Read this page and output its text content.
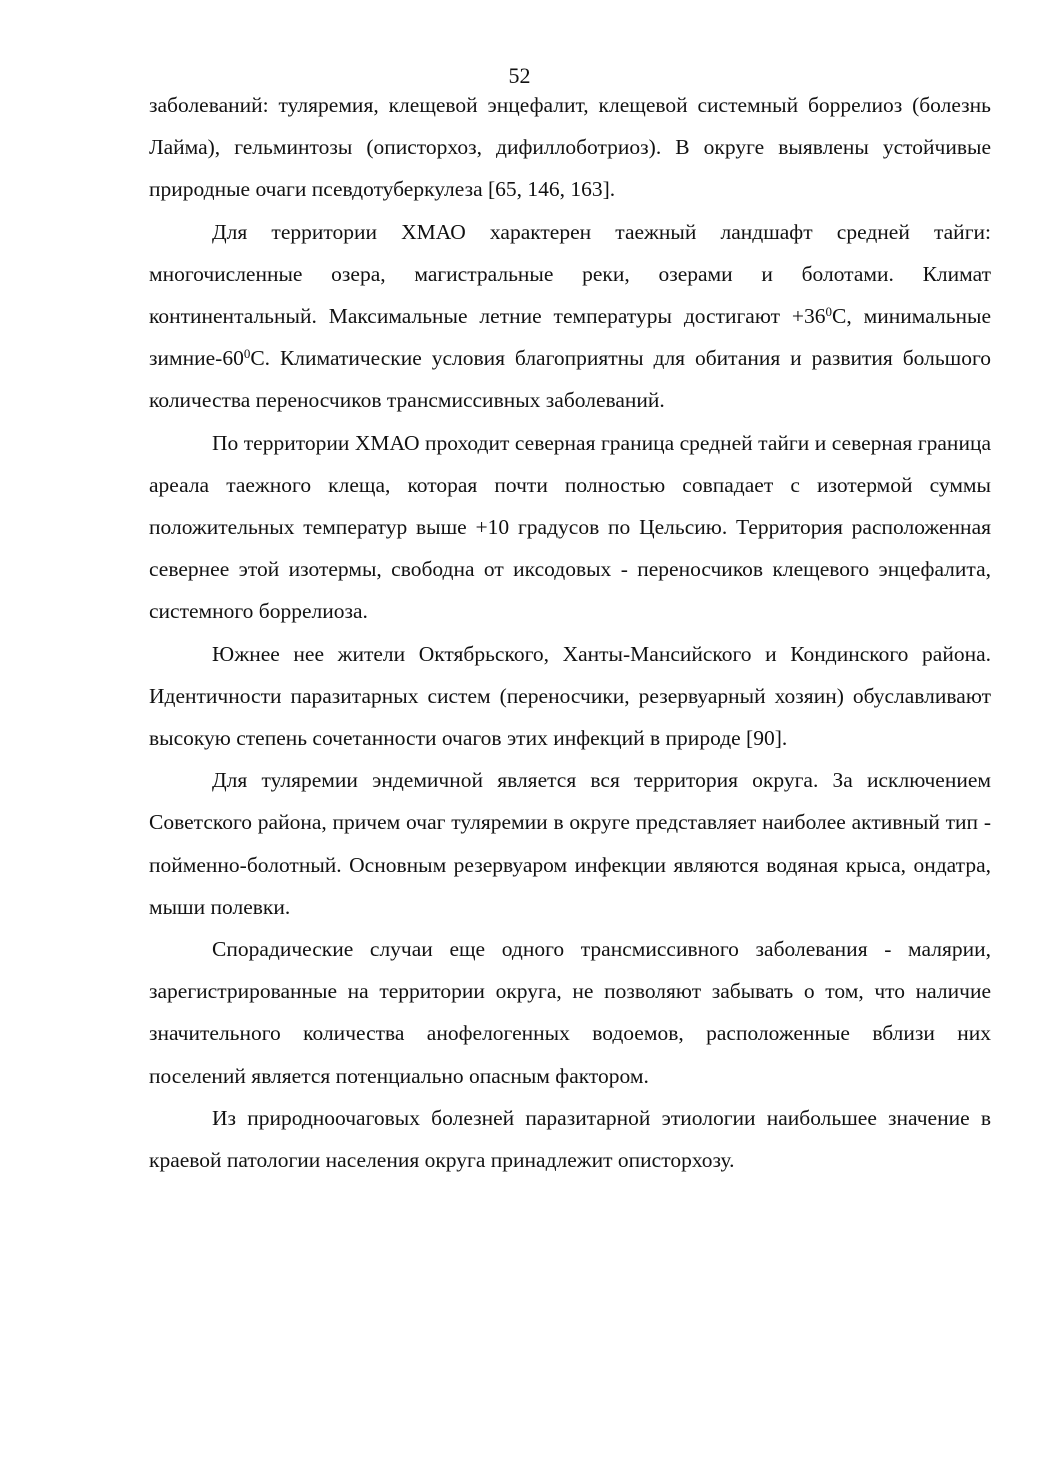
52

заболеваний: туляремия, клещевой энцефалит, клещевой системный боррелиоз (болезнь Лайма), гельминтозы (описторхоз, дифиллоботриоз). В округе выявлены устойчивые природные очаги псевдотуберкулеза [65, 146, 163].

Для территории ХМАО характерен таежный ландшафт средней тайги: многочисленные озера, магистральные реки, озерами и болотами. Климат континентальный. Максимальные летние температуры достигают $+36^0С$, минимальные зимние-$60^0С$. Климатические условия благоприятны для обитания и развития большого количества переносчиков трансмиссивных заболеваний.

По территории ХМАО проходит северная граница средней тайги и северная граница ареала таежного клеща, которая почти полностью совпадает с изотермой суммы положительных температур выше +10 градусов по Цельсию. Территория расположенная севернее этой изотермы, свободна от иксодовых - переносчиков клещевого энцефалита, системного боррелиоза.

Южнее нее жители Октябрьского, Ханты-Мансийского и Кондинского района. Идентичности паразитарных систем (переносчики, резервуарный хозяин) обуславливают высокую степень сочетанности очагов этих инфекций в природе [90].

Для туляремии эндемичной является вся территория округа. За исключением Советского района, причем очаг туляремии в округе представляет наиболее активный тип - пойменно-болотный. Основным резервуаром инфекции являются водяная крыса, ондатра, мыши полевки.

Спорадические случаи еще одного трансмиссивного заболевания - малярии, зарегистрированные на территории округа, не позволяют забывать о том, что наличие значительного количества анофелогенных водоемов, расположенные вблизи них поселений является потенциально опасным фактором.

Из природноочаговых болезней паразитарной этиологии наибольшее значение в краевой патологии населения округа принадлежит описторхозу.
